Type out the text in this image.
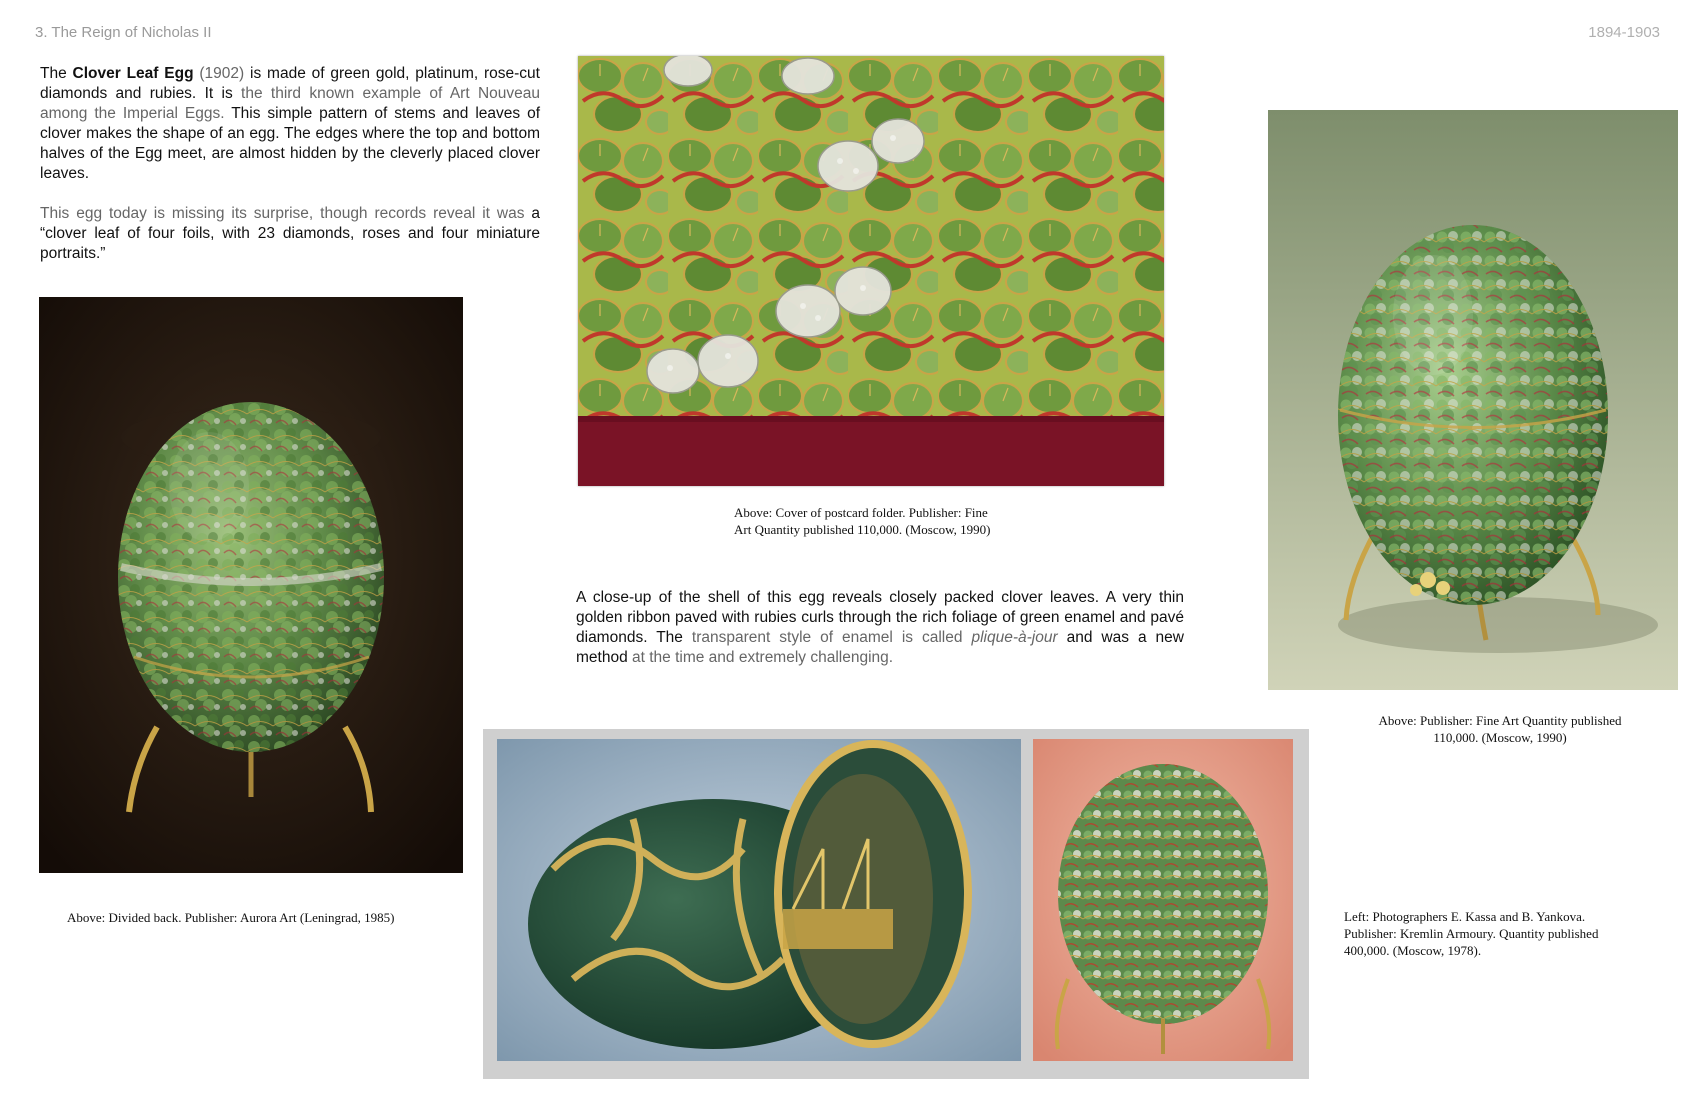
3. The Reign of Nicholas II	1894-1903

The Clover Leaf Egg (1902) is made of green gold, platinum, rose-cut diamonds and rubies. It is the third known example of Art Nouveau among the Imperial Eggs. This simple pattern of stems and leaves of clover makes the shape of an egg. The edges where the top and bottom halves of the Egg meet, are almost hidden by the cleverly placed clover leaves.

This egg today is missing its surprise, though records reveal it was a “clover leaf of four foils, with 23 diamonds, roses and four miniature portraits.”

Above: Divided back. Publisher: Aurora Art (Leningrad, 1985)
Above: Cover of postcard folder. Publisher: Fine
Art Quantity published 110,000. (Moscow, 1990)

A close-up of the shell of this egg reveals closely packed clover leaves. A very thin golden ribbon paved with rubies curls through the rich foliage of green enamel and pavé diamonds. The transparent style of enamel is called plique-à-jour and was a new method at the time and extremely challenging.

Above: Publisher: Fine Art Quantity published
110,000. (Moscow, 1990)
Left: Photographers E. Kassa and B. Yankova.
Publisher: Kremlin Armoury. Quantity published
400,000. (Moscow, 1978).
